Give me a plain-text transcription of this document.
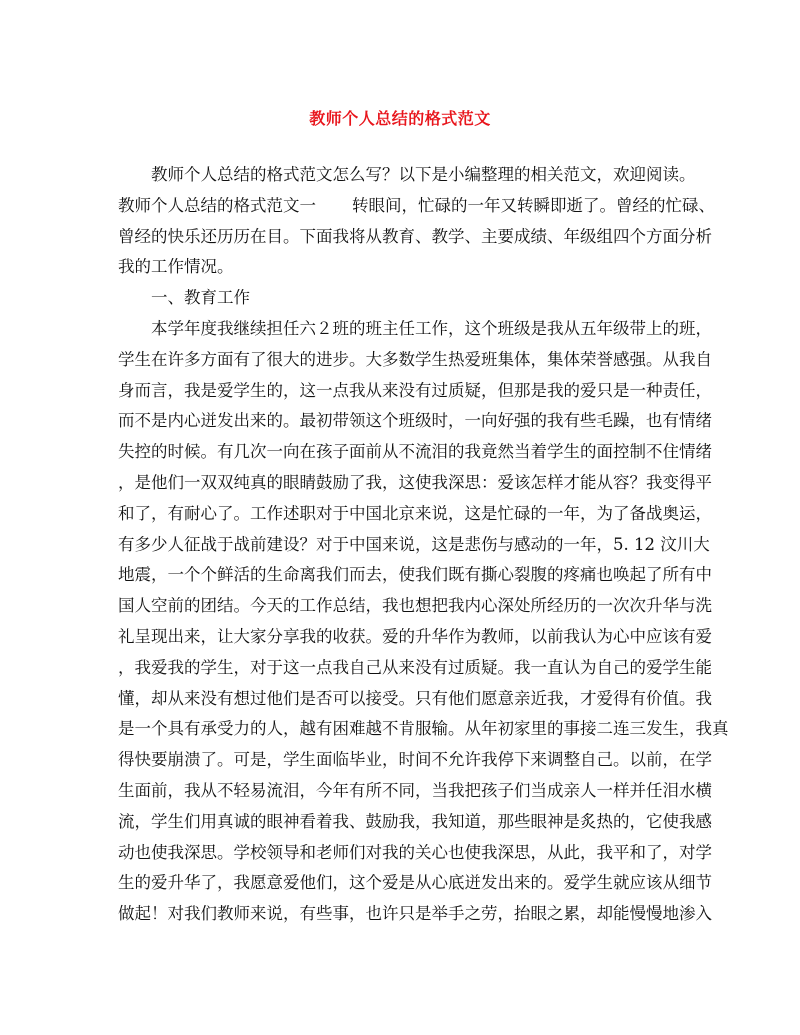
教师个人总结的格式范文
教师个人总结的格式范文怎么写？以下是小编整理的相关范文，欢迎阅读。
教师个人总结的格式范文一 转眼间，忙碌的一年又转瞬即逝了。曾经的忙碌、
曾经的快乐还历历在目。下面我将从教育、教学、主要成绩、年级组四个方面分析
我的工作情况。
一、教育工作
本学年度我继续担任六２班的班主任工作，这个班级是我从五年级带上的班，
学生在许多方面有了很大的进步。大多数学生热爱班集体，集体荣誉感强。从我自
身而言，我是爱学生的，这一点我从来没有过质疑，但那是我的爱只是一种责任，
而不是内心迸发出来的。最初带领这个班级时，一向好强的我有些毛躁，也有情绪
失控的时候。有几次一向在孩子面前从不流泪的我竟然当着学生的面控制不住情绪
，是他们一双双纯真的眼睛鼓励了我，这使我深思：爱该怎样才能从容？我变得平
和了，有耐心了。工作述职对于中国北京来说，这是忙碌的一年，为了备战奥运，
有多少人征战于战前建设？对于中国来说，这是悲伤与感动的一年，5. 12 汶川大
地震，一个个鲜活的生命离我们而去，使我们既有撕心裂腹的疼痛也唤起了所有中
国人空前的团结。今天的工作总结，我也想把我内心深处所经历的一次次升华与洗
礼呈现出来，让大家分享我的收获。爱的升华作为教师，以前我认为心中应该有爱
，我爱我的学生，对于这一点我自己从来没有过质疑。我一直认为自己的爱学生能
懂，却从来没有想过他们是否可以接受。只有他们愿意亲近我，才爱得有价值。我
是一个具有承受力的人，越有困难越不肯服输。从年初家里的事接二连三发生，我真
得快要崩溃了。可是，学生面临毕业，时间不允许我停下来调整自己。以前，在学
生面前，我从不轻易流泪，今年有所不同，当我把孩子们当成亲人一样并任泪水横
流，学生们用真诚的眼神看着我、鼓励我，我知道，那些眼神是炙热的，它使我感
动也使我深思。学校领导和老师们对我的关心也使我深思，从此，我平和了，对学
生的爱升华了，我愿意爱他们，这个爱是从心底迸发出来的。爱学生就应该从细节
做起！对我们教师来说，有些事，也许只是举手之劳，抬眼之累，却能慢慢地渗入
